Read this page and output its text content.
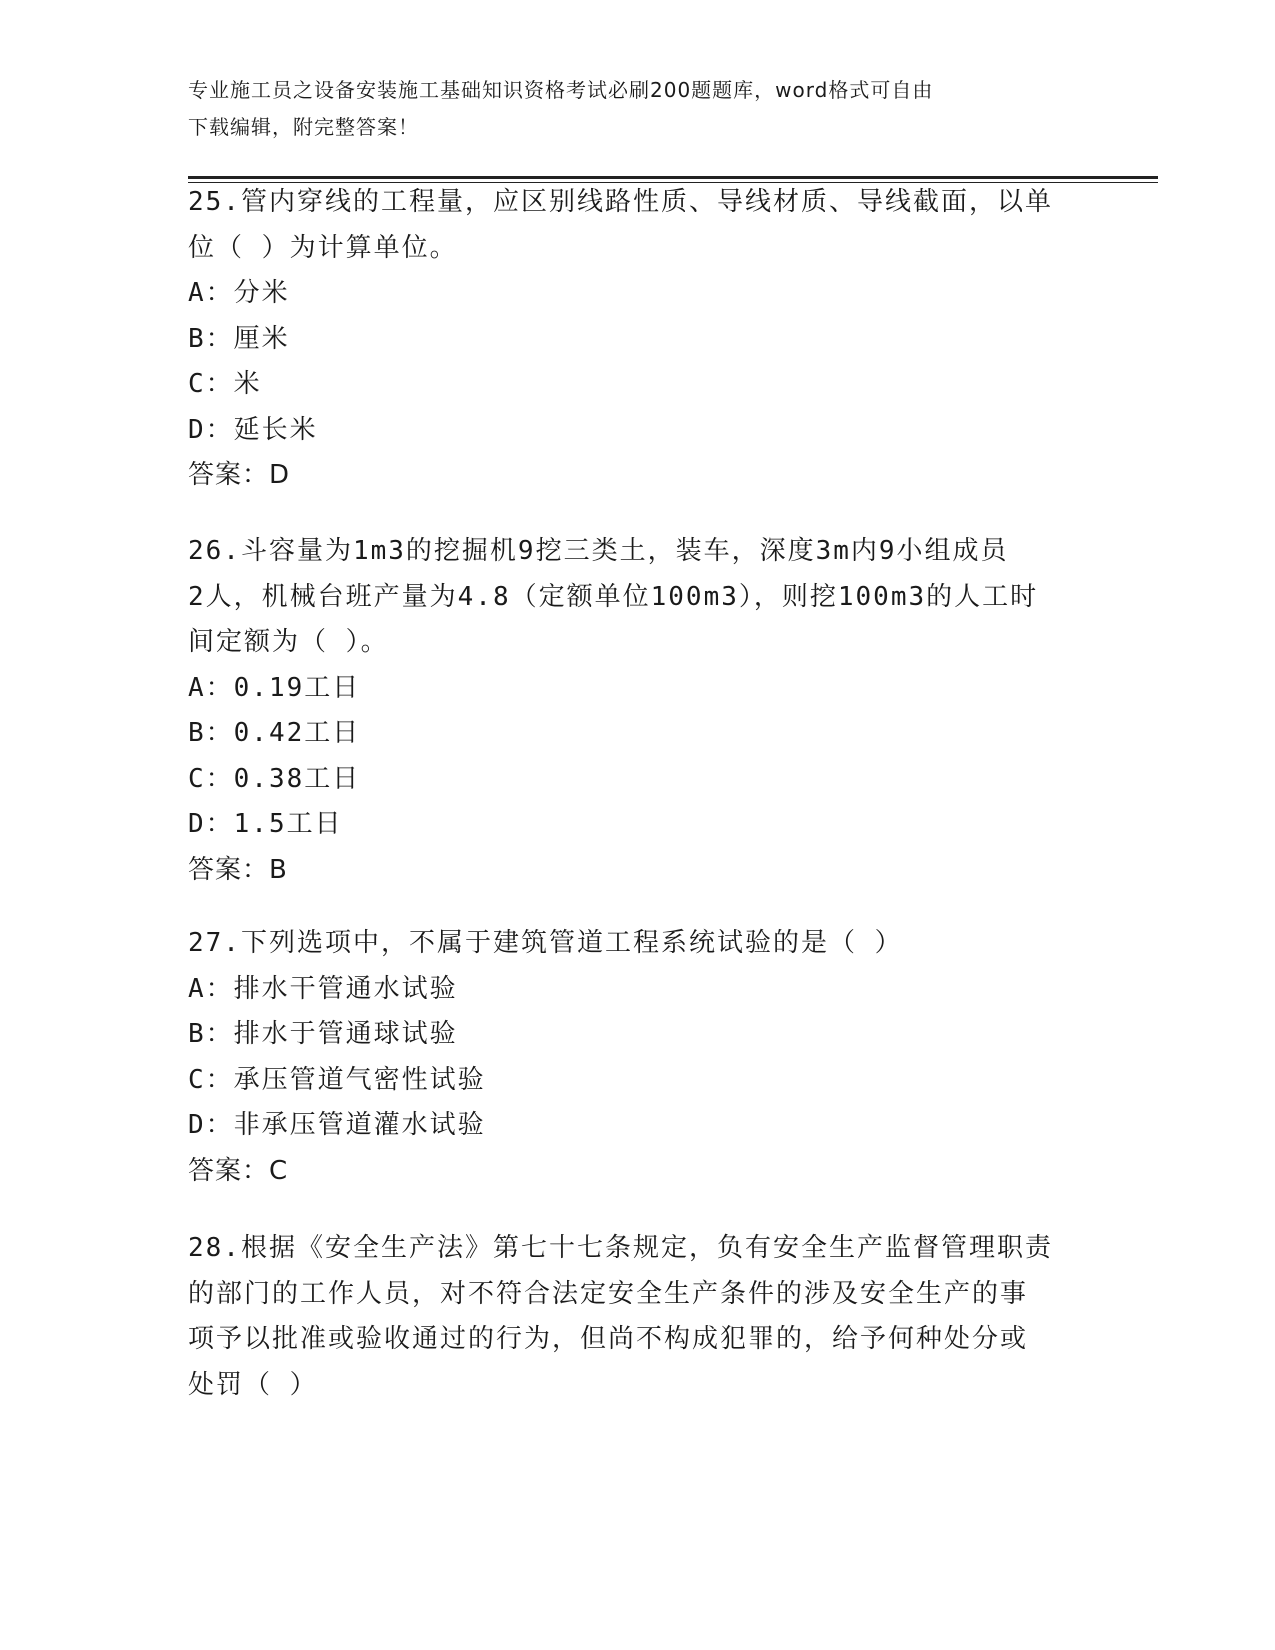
专业施工员之设备安装施工基础知识资格考试必刷200题题库，word格式可自由
下载编辑，附完整答案！

25.管内穿线的工程量，应区别线路性质、导线材质、导线截面，以单

位（ ）为计算单位。

A：分米

B：厘米

C：米

D：延长米

答案：D

26.斗容量为1m3的挖掘机9挖三类土，装车，深度3m内9小组成员

2人，机械台班产量为4.8（定额单位100m3），则挖100m3的人工时

间定额为（ ）。

A：0.19工日

B：0.42工日

C：0.38工日

D：1.5工日

答案：B

27.下列选项中，不属于建筑管道工程系统试验的是（ ）

A：排水干管通水试验

B：排水于管通球试验

C：承压管道气密性试验

D：非承压管道灌水试验

答案：C

28.根据《安全生产法》第七十七条规定，负有安全生产监督管理职责

的部门的工作人员，对不符合法定安全生产条件的涉及安全生产的事

项予以批准或验收通过的行为，但尚不构成犯罪的，给予何种处分或

处罚（ ）
